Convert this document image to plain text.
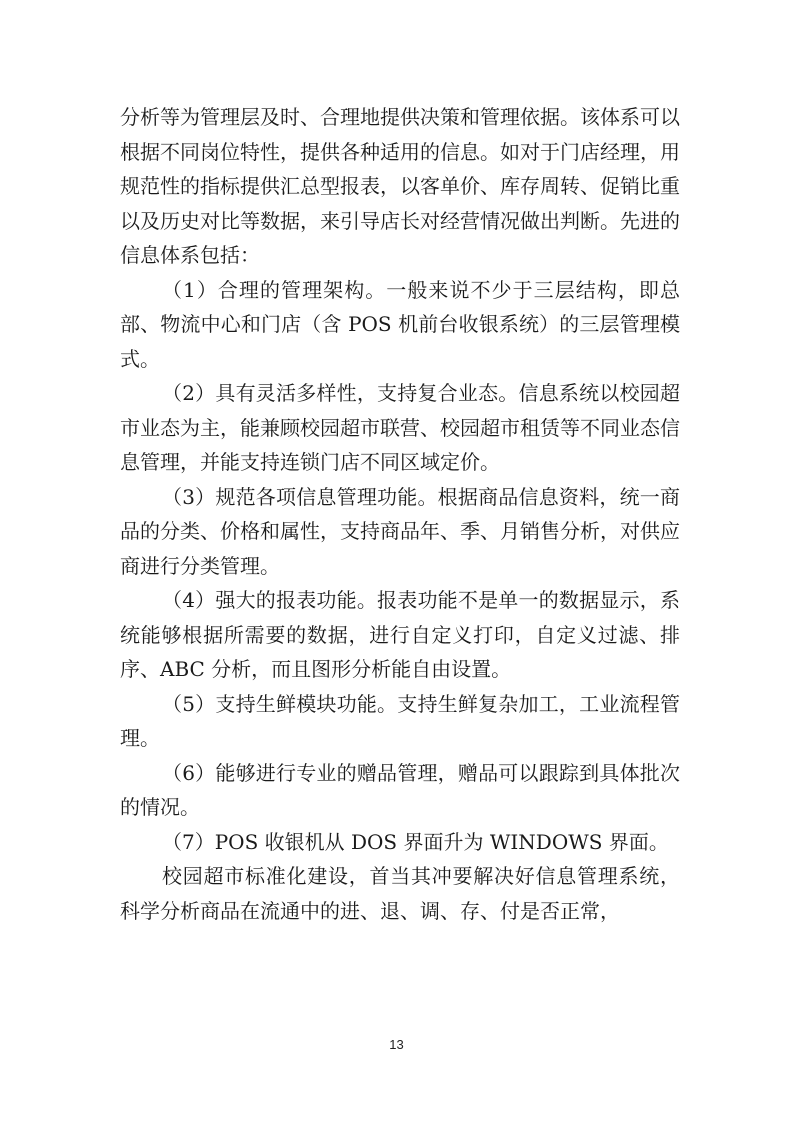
分析等为管理层及时、合理地提供决策和管理依据。该体系可以根据不同岗位特性，提供各种适用的信息。如对于门店经理，用规范性的指标提供汇总型报表，以客单价、库存周转、促销比重以及历史对比等数据，来引导店长对经营情况做出判断。先进的信息体系包括：

（1）合理的管理架构。一般来说不少于三层结构，即总部、物流中心和门店（含 POS 机前台收银系统）的三层管理模式。

（2）具有灵活多样性，支持复合业态。信息系统以校园超市业态为主，能兼顾校园超市联营、校园超市租赁等不同业态信息管理，并能支持连锁门店不同区域定价。

（3）规范各项信息管理功能。根据商品信息资料，统一商品的分类、价格和属性，支持商品年、季、月销售分析，对供应商进行分类管理。

（4）强大的报表功能。报表功能不是单一的数据显示，系统能够根据所需要的数据，进行自定义打印，自定义过滤、排序、ABC 分析，而且图形分析能自由设置。

（5）支持生鲜模块功能。支持生鲜复杂加工，工业流程管理。

（6）能够进行专业的赠品管理，赠品可以跟踪到具体批次的情况。

（7）POS 收银机从 DOS 界面升为 WINDOWS 界面。

校园超市标准化建设，首当其冲要解决好信息管理系统，科学分析商品在流通中的进、退、调、存、付是否正常，

13
